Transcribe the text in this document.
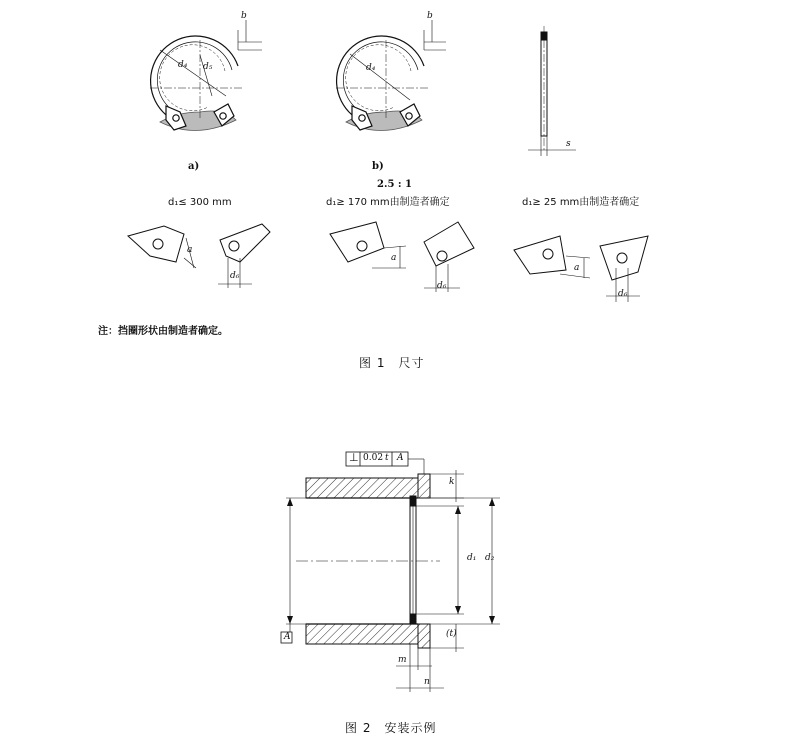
b
d₄ d₅
b
d₄
s
a)	b)
2.5 : 1
d₁≤ 300 mm	d₁≥ 170 mm由制造者确定	d₁≥ 25 mm由制造者确定
a
d₆
a
d₆
a
d₆
注：挡圈形状由制造者确定。
图 1　尺寸
⊥ 0.02 t A
A
k
d₁ d₂
(t)
m
n
图 2　安装示例
